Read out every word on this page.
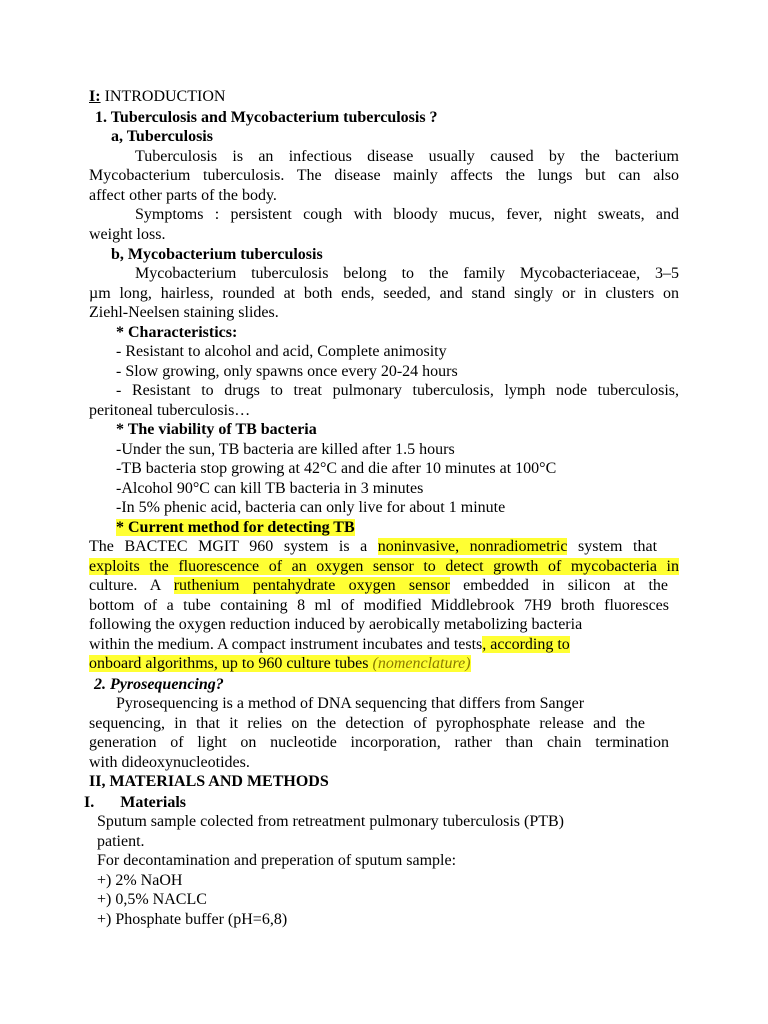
I: INTRODUCTION
1. Tuberculosis and Mycobacterium tuberculosis ?
a, Tuberculosis
Tuberculosis is an infectious disease usually caused by the bacterium
Mycobacterium tuberculosis. The disease mainly affects the lungs but can also
affect other parts of the body.
Symptoms : persistent cough with bloody mucus, fever, night sweats, and
weight loss.
b, Mycobacterium tuberculosis
Mycobacterium tuberculosis belong to the family Mycobacteriaceae, 3–5
µm long, hairless, rounded at both ends, seeded, and stand singly or in clusters on
Ziehl-Neelsen staining slides.
* Characteristics:
- Resistant to alcohol and acid, Complete animosity
- Slow growing, only spawns once every 20-24 hours
- Resistant to drugs to treat pulmonary tuberculosis, lymph node tuberculosis,
peritoneal tuberculosis…
* The viability of TB bacteria
-Under the sun, TB bacteria are killed after 1.5 hours
-TB bacteria stop growing at 42°C and die after 10 minutes at 100°C
-Alcohol 90°C can kill TB bacteria in 3 minutes
-In 5% phenic acid, bacteria can only live for about 1 minute
* Current method for detecting TB
The BACTEC MGIT 960 system is a noninvasive, nonradiometric system that
exploits the fluorescence of an oxygen sensor to detect growth of mycobacteria in
culture. A ruthenium pentahydrate oxygen sensor embedded in silicon at the
bottom of a tube containing 8 ml of modified Middlebrook 7H9 broth fluoresces
following the oxygen reduction induced by aerobically metabolizing bacteria
within the medium. A compact instrument incubates and tests, according to
onboard algorithms, up to 960 culture tubes (nomenclature)
2. Pyrosequencing?
Pyrosequencing is a method of DNA sequencing that differs from Sanger
sequencing, in that it relies on the detection of pyrophosphate release and the
generation of light on nucleotide incorporation, rather than chain termination
with dideoxynucleotides.
II, MATERIALS AND METHODS
I. Materials
Sputum sample colected from retreatment pulmonary tuberculosis (PTB)
patient.
For decontamination and preperation of sputum sample:
+) 2% NaOH
+) 0,5% NACLC
+) Phosphate buffer (pH=6,8)
